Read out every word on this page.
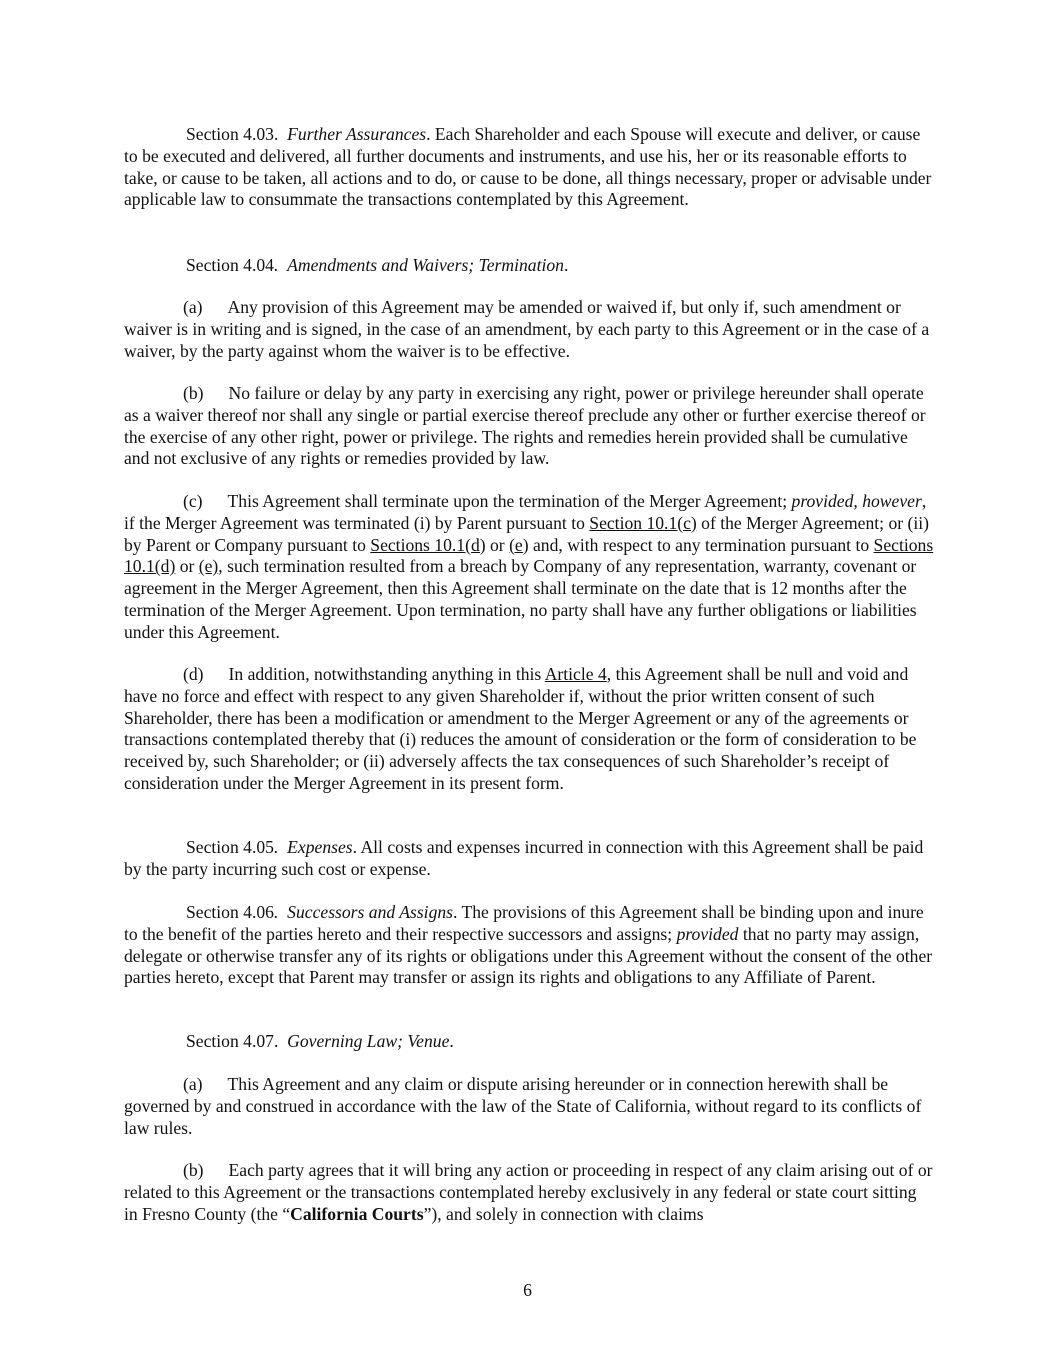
Section 4.03. Further Assurances. Each Shareholder and each Spouse will execute and deliver, or cause to be executed and delivered, all further documents and instruments, and use his, her or its reasonable efforts to take, or cause to be taken, all actions and to do, or cause to be done, all things necessary, proper or advisable under applicable law to consummate the transactions contemplated by this Agreement.

Section 4.04. Amendments and Waivers; Termination.

(a) Any provision of this Agreement may be amended or waived if, but only if, such amendment or waiver is in writing and is signed, in the case of an amendment, by each party to this Agreement or in the case of a waiver, by the party against whom the waiver is to be effective.

(b) No failure or delay by any party in exercising any right, power or privilege hereunder shall operate as a waiver thereof nor shall any single or partial exercise thereof preclude any other or further exercise thereof or the exercise of any other right, power or privilege. The rights and remedies herein provided shall be cumulative and not exclusive of any rights or remedies provided by law.

(c) This Agreement shall terminate upon the termination of the Merger Agreement; provided, however, if the Merger Agreement was terminated (i) by Parent pursuant to Section 10.1(c) of the Merger Agreement; or (ii) by Parent or Company pursuant to Sections 10.1(d) or (e) and, with respect to any termination pursuant to Sections 10.1(d) or (e), such termination resulted from a breach by Company of any representation, warranty, covenant or agreement in the Merger Agreement, then this Agreement shall terminate on the date that is 12 months after the termination of the Merger Agreement. Upon termination, no party shall have any further obligations or liabilities under this Agreement.

(d) In addition, notwithstanding anything in this Article 4, this Agreement shall be null and void and have no force and effect with respect to any given Shareholder if, without the prior written consent of such Shareholder, there has been a modification or amendment to the Merger Agreement or any of the agreements or transactions contemplated thereby that (i) reduces the amount of consideration or the form of consideration to be received by, such Shareholder; or (ii) adversely affects the tax consequences of such Shareholder’s receipt of consideration under the Merger Agreement in its present form.

Section 4.05. Expenses. All costs and expenses incurred in connection with this Agreement shall be paid by the party incurring such cost or expense.

Section 4.06. Successors and Assigns. The provisions of this Agreement shall be binding upon and inure to the benefit of the parties hereto and their respective successors and assigns; provided that no party may assign, delegate or otherwise transfer any of its rights or obligations under this Agreement without the consent of the other parties hereto, except that Parent may transfer or assign its rights and obligations to any Affiliate of Parent.

Section 4.07. Governing Law; Venue.

(a) This Agreement and any claim or dispute arising hereunder or in connection herewith shall be governed by and construed in accordance with the law of the State of California, without regard to its conflicts of law rules.

(b) Each party agrees that it will bring any action or proceeding in respect of any claim arising out of or related to this Agreement or the transactions contemplated hereby exclusively in any federal or state court sitting in Fresno County (the “California Courts”), and solely in connection with claims

6
